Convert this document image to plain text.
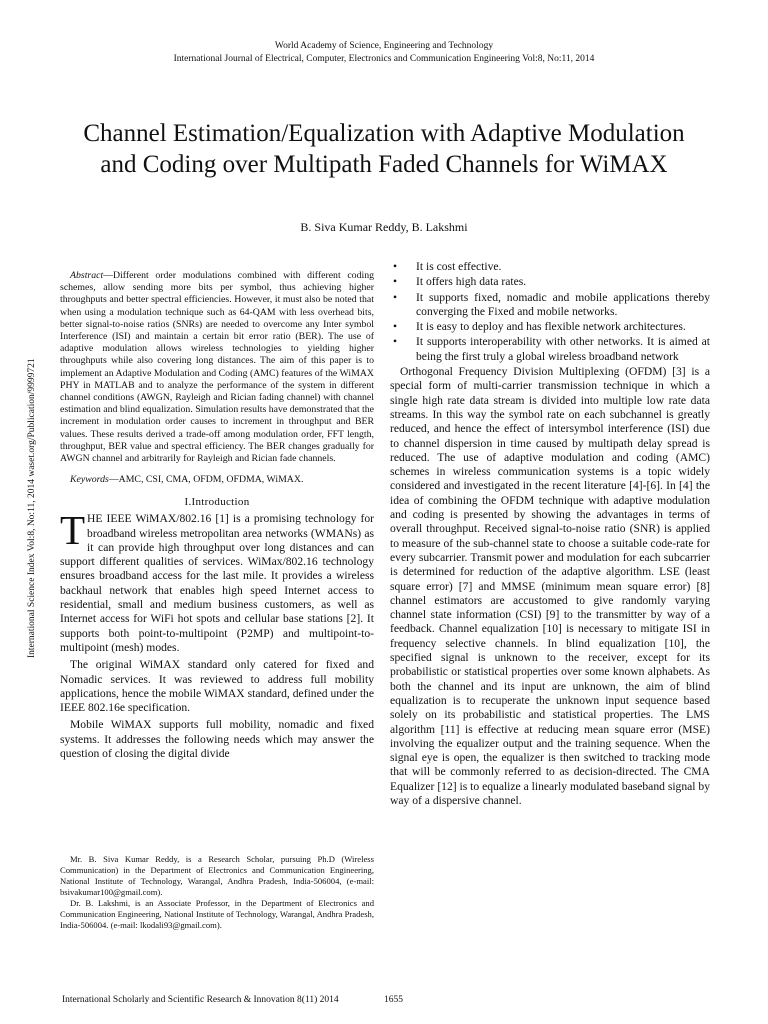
World Academy of Science, Engineering and Technology
International Journal of Electrical, Computer, Electronics and Communication Engineering Vol:8, No:11, 2014
Channel Estimation/Equalization with Adaptive Modulation and Coding over Multipath Faded Channels for WiMAX
B. Siva Kumar Reddy, B. Lakshmi
International Science Index Vol:8, No:11, 2014 waset.org/Publication/9999721
Abstract—Different order modulations combined with different coding schemes, allow sending more bits per symbol, thus achieving higher throughputs and better spectral efficiencies. However, it must also be noted that when using a modulation technique such as 64-QAM with less overhead bits, better signal-to-noise ratios (SNRs) are needed to overcome any Inter symbol Interference (ISI) and maintain a certain bit error ratio (BER). The use of adaptive modulation allows wireless technologies to yielding higher throughputs while also covering long distances. The aim of this paper is to implement an Adaptive Modulation and Coding (AMC) features of the WiMAX PHY in MATLAB and to analyze the performance of the system in different channel conditions (AWGN, Rayleigh and Rician fading channel) with channel estimation and blind equalization. Simulation results have demonstrated that the increment in modulation order causes to increment in throughput and BER values. These results derived a trade-off among modulation order, FFT length, throughput, BER value and spectral efficiency. The BER changes gradually for AWGN channel and arbitrarily for Rayleigh and Rician fade channels.
Keywords—AMC, CSI, CMA, OFDM, OFDMA, WiMAX.
I.Introduction

THE IEEE WiMAX/802.16 [1] is a promising technology for broadband wireless metropolitan area networks (WMANs) as it can provide high throughput over long distances and can support different qualities of services. WiMax/802.16 technology ensures broadband access for the last mile. It provides a wireless backhaul network that enables high speed Internet access to residential, small and medium business customers, as well as Internet access for WiFi hot spots and cellular base stations [2]. It supports both point-to-multipoint (P2MP) and multipoint-to-multipoint (mesh) modes.

The original WiMAX standard only catered for fixed and Nomadic services. It was reviewed to address full mobility applications, hence the mobile WiMAX standard, defined under the IEEE 802.16e specification.

Mobile WiMAX supports full mobility, nomadic and fixed systems. It addresses the following needs which may answer the question of closing the digital divide

Mr. B. Siva Kumar Reddy, is a Research Scholar, pursuing Ph.D (Wireless Communication) in the Department of Electronics and Communication Engineering, National Institute of Technology, Warangal, Andhra Pradesh, India-506004, (e-mail: bsivakumar100@gmail.com).

Dr. B. Lakshmi, is an Associate Professor, in the Department of Electronics and Communication Engineering, National Institute of Technology, Warangal, Andhra Pradesh, India-506004. (e-mail: lkodali93@gmail.com).

• It is cost effective.
• It offers high data rates.
• It supports fixed, nomadic and mobile applications thereby converging the Fixed and mobile networks.
• It is easy to deploy and has flexible network architectures.
• It supports interoperability with other networks. It is aimed at being the first truly a global wireless broadband network

Orthogonal Frequency Division Multiplexing (OFDM) [3] is a special form of multi-carrier transmission technique in which a single high rate data stream is divided into multiple low rate data streams. In this way the symbol rate on each subchannel is greatly reduced, and hence the effect of intersymbol interference (ISI) due to channel dispersion in time caused by multipath delay spread is reduced. The use of adaptive modulation and coding (AMC) schemes in wireless communication systems is a topic widely considered and investigated in the recent literature [4]-[6]. In [4] the idea of combining the OFDM technique with adaptive modulation and coding is presented by showing the advantages in terms of overall throughput. Received signal-to-noise ratio (SNR) is applied to measure of the sub-channel state to choose a suitable code-rate for every subcarrier. Transmit power and modulation for each subcarrier is determined for reduction of the adaptive algorithm. LSE (least square error) [7] and MMSE (minimum mean square error) [8] channel estimators are accustomed to give randomly varying channel state information (CSI) [9] to the transmitter by way of a feedback. Channel equalization [10] is necessary to mitigate ISI in frequency selective channels. In blind equalization [10], the specified signal is unknown to the receiver, except for its probabilistic or statistical properties over some known alphabets. As both the channel and its input are unknown, the aim of blind equalization is to recuperate the unknown input sequence based solely on its probabilistic and statistical properties. The LMS algorithm [11] is effective at reducing mean square error (MSE) involving the equalizer output and the training sequence. When the signal eye is open, the equalizer is then switched to tracking mode that will be commonly referred to as decision-directed. The CMA Equalizer [12] is to equalize a linearly modulated baseband signal by way of a dispersive channel.

International Scholarly and Scientific Research & Innovation 8(11) 2014	1655
